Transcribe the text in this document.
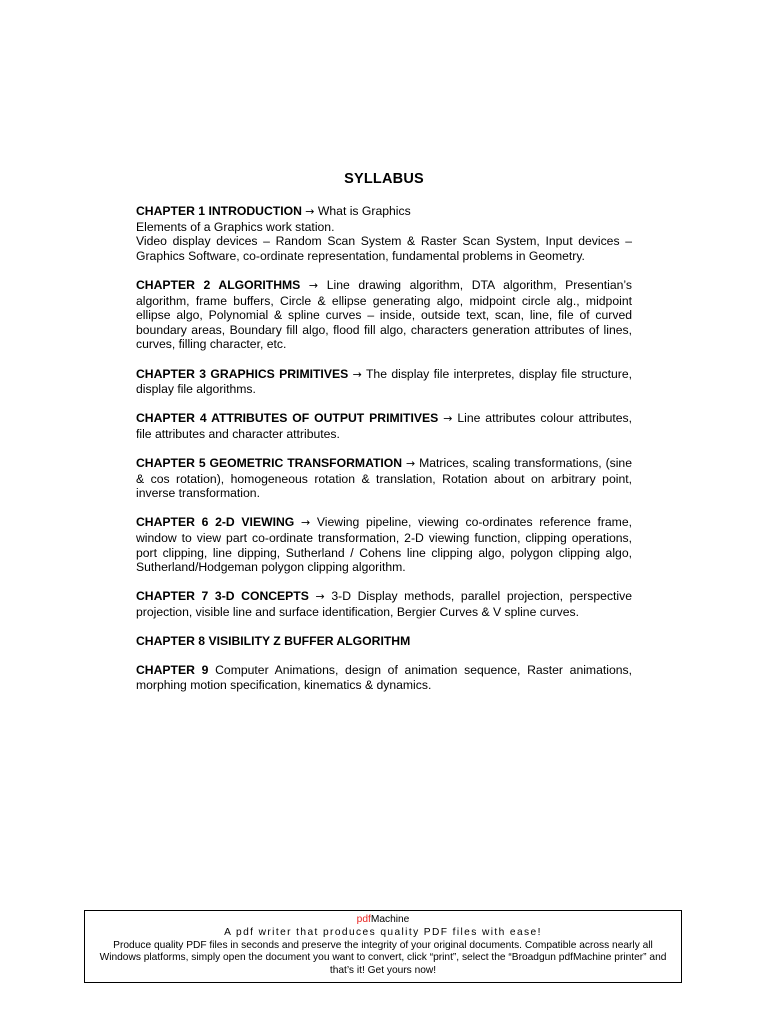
SYLLABUS

CHAPTER 1 INTRODUCTION → What is Graphics

Elements of a Graphics work station.

Video display devices – Random Scan System & Raster Scan System, Input devices – Graphics Software, co-ordinate representation, fundamental problems in Geometry.

CHAPTER 2 ALGORITHMS → Line drawing algorithm, DTA algorithm, Presentian’s algorithm, frame buffers, Circle & ellipse generating algo, midpoint circle alg., midpoint ellipse algo, Polynomial & spline curves – inside, outside text, scan, line, file of curved boundary areas, Boundary fill algo, flood fill algo, characters generation attributes of lines, curves, filling character, etc.

CHAPTER 3 GRAPHICS PRIMITIVES → The display file interpretes, display file structure, display file algorithms.

CHAPTER 4 ATTRIBUTES OF OUTPUT PRIMITIVES → Line attributes colour attributes, file attributes and character attributes.

CHAPTER 5 GEOMETRIC TRANSFORMATION → Matrices, scaling transformations, (sine & cos rotation), homogeneous rotation & translation, Rotation about on arbitrary point, inverse transformation.

CHAPTER 6 2-D VIEWING → Viewing pipeline, viewing co-ordinates reference frame, window to view part co-ordinate transformation, 2-D viewing function, clipping operations, port clipping, line dipping, Sutherland / Cohens line clipping algo, polygon clipping algo, Sutherland/Hodgeman polygon clipping algorithm.

CHAPTER 7 3-D CONCEPTS → 3-D Display methods, parallel projection, perspective projection, visible line and surface identification, Bergier Curves & V spline curves.

CHAPTER 8 VISIBILITY Z BUFFER ALGORITHM

CHAPTER 9 Computer Animations, design of animation sequence, Raster animations, morphing motion specification, kinematics & dynamics.

pdfMachine
A pdf writer that produces quality PDF files with ease!
Produce quality PDF files in seconds and preserve the integrity of your original documents. Compatible across nearly all Windows platforms, simply open the document you want to convert, click “print”, select the “Broadgun pdfMachine printer” and that’s it! Get yours now!
